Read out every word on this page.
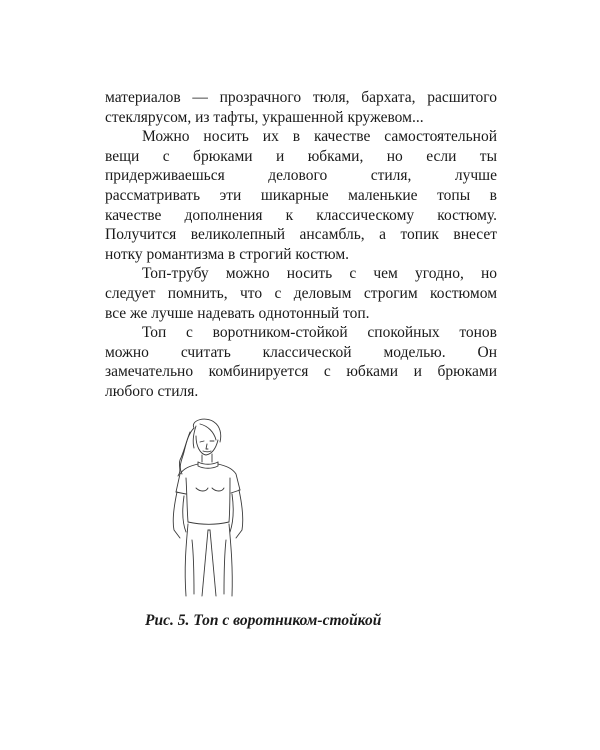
материалов — прозрачного тюля, бархата, расшитого
стеклярусом, из тафты, украшенной кружевом...

Можно носить их в качестве самостоятельной
вещи с брюками и юбками, но если ты
придерживаешься делового стиля, лучше
рассматривать эти шикарные маленькие топы в
качестве дополнения к классическому костюму.
Получится великолепный ансамбль, а топик внесет
нотку романтизма в строгий костюм.

Топ-трубу можно носить с чем угодно, но
следует помнить, что с деловым строгим костюмом
все же лучше надевать однотонный топ.

Топ с воротником-стойкой спокойных тонов
можно считать классической моделью. Он
замечательно комбинируется с юбками и брюками
любого стиля.

Рис. 5. Топ с воротником-стойкой
